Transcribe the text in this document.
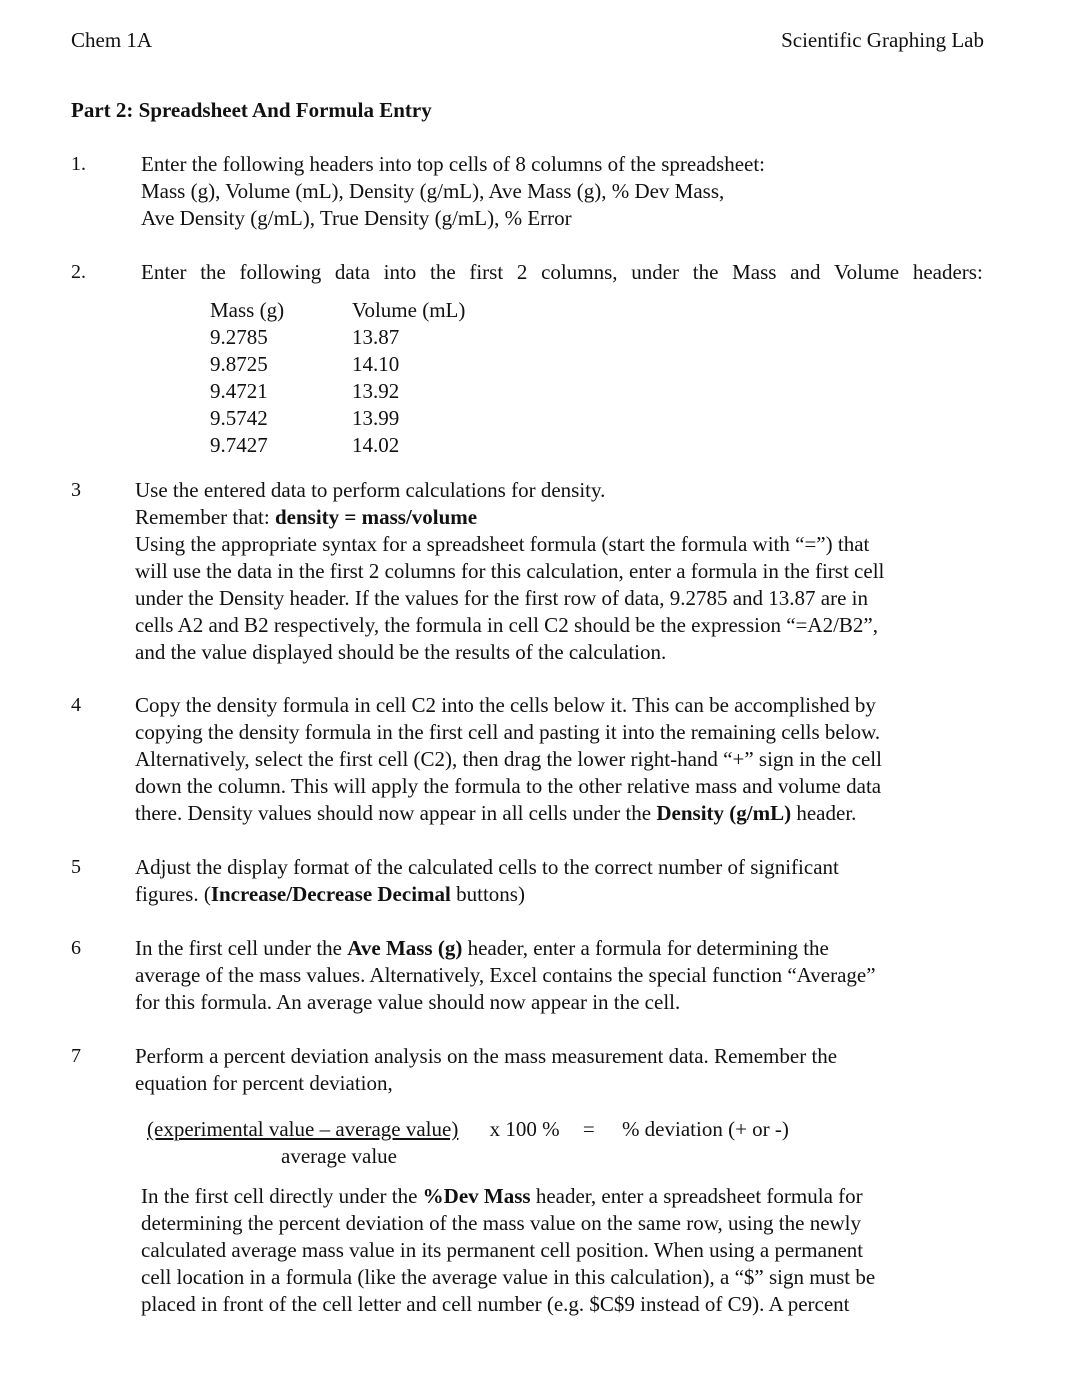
Chem 1A	Scientific Graphing Lab
Part 2: Spreadsheet And Formula Entry
1.	Enter the following headers into top cells of 8 columns of the spreadsheet:
Mass (g), Volume (mL), Density (g/mL), Ave Mass (g), % Dev Mass,
Ave Density (g/mL), True Density (g/mL), % Error
2.	Enter the following data into the first 2 columns, under the Mass and Volume headers:
Mass (g)	Volume (mL)
9.2785	13.87
9.8725	14.10
9.4721	13.92
9.5742	13.99
9.7427	14.02
3	Use the entered data to perform calculations for density.
Remember that: density = mass/volume
Using the appropriate syntax for a spreadsheet formula (start the formula with “=”) that
will use the data in the first 2 columns for this calculation, enter a formula in the first cell
under the Density header. If the values for the first row of data, 9.2785 and 13.87 are in
cells A2 and B2 respectively, the formula in cell C2 should be the expression “=A2/B2”,
and the value displayed should be the results of the calculation.
4	Copy the density formula in cell C2 into the cells below it. This can be accomplished by
copying the density formula in the first cell and pasting it into the remaining cells below.
Alternatively, select the first cell (C2), then drag the lower right-hand “+” sign in the cell
down the column. This will apply the formula to the other relative mass and volume data
there. Density values should now appear in all cells under the Density (g/mL) header.
5	Adjust the display format of the calculated cells to the correct number of significant
figures. (Increase/Decrease Decimal buttons)
6	In the first cell under the Ave Mass (g) header, enter a formula for determining the
average of the mass values. Alternatively, Excel contains the special function “Average”
for this formula. An average value should now appear in the cell.
7	Perform a percent deviation analysis on the mass measurement data. Remember the
equation for percent deviation,
(experimental value – average value) x 100 % = % deviation (+ or -)
average value
In the first cell directly under the %Dev Mass header, enter a spreadsheet formula for
determining the percent deviation of the mass value on the same row, using the newly
calculated average mass value in its permanent cell position. When using a permanent
cell location in a formula (like the average value in this calculation), a “$” sign must be
placed in front of the cell letter and cell number (e.g. $C$9 instead of C9). A percent
